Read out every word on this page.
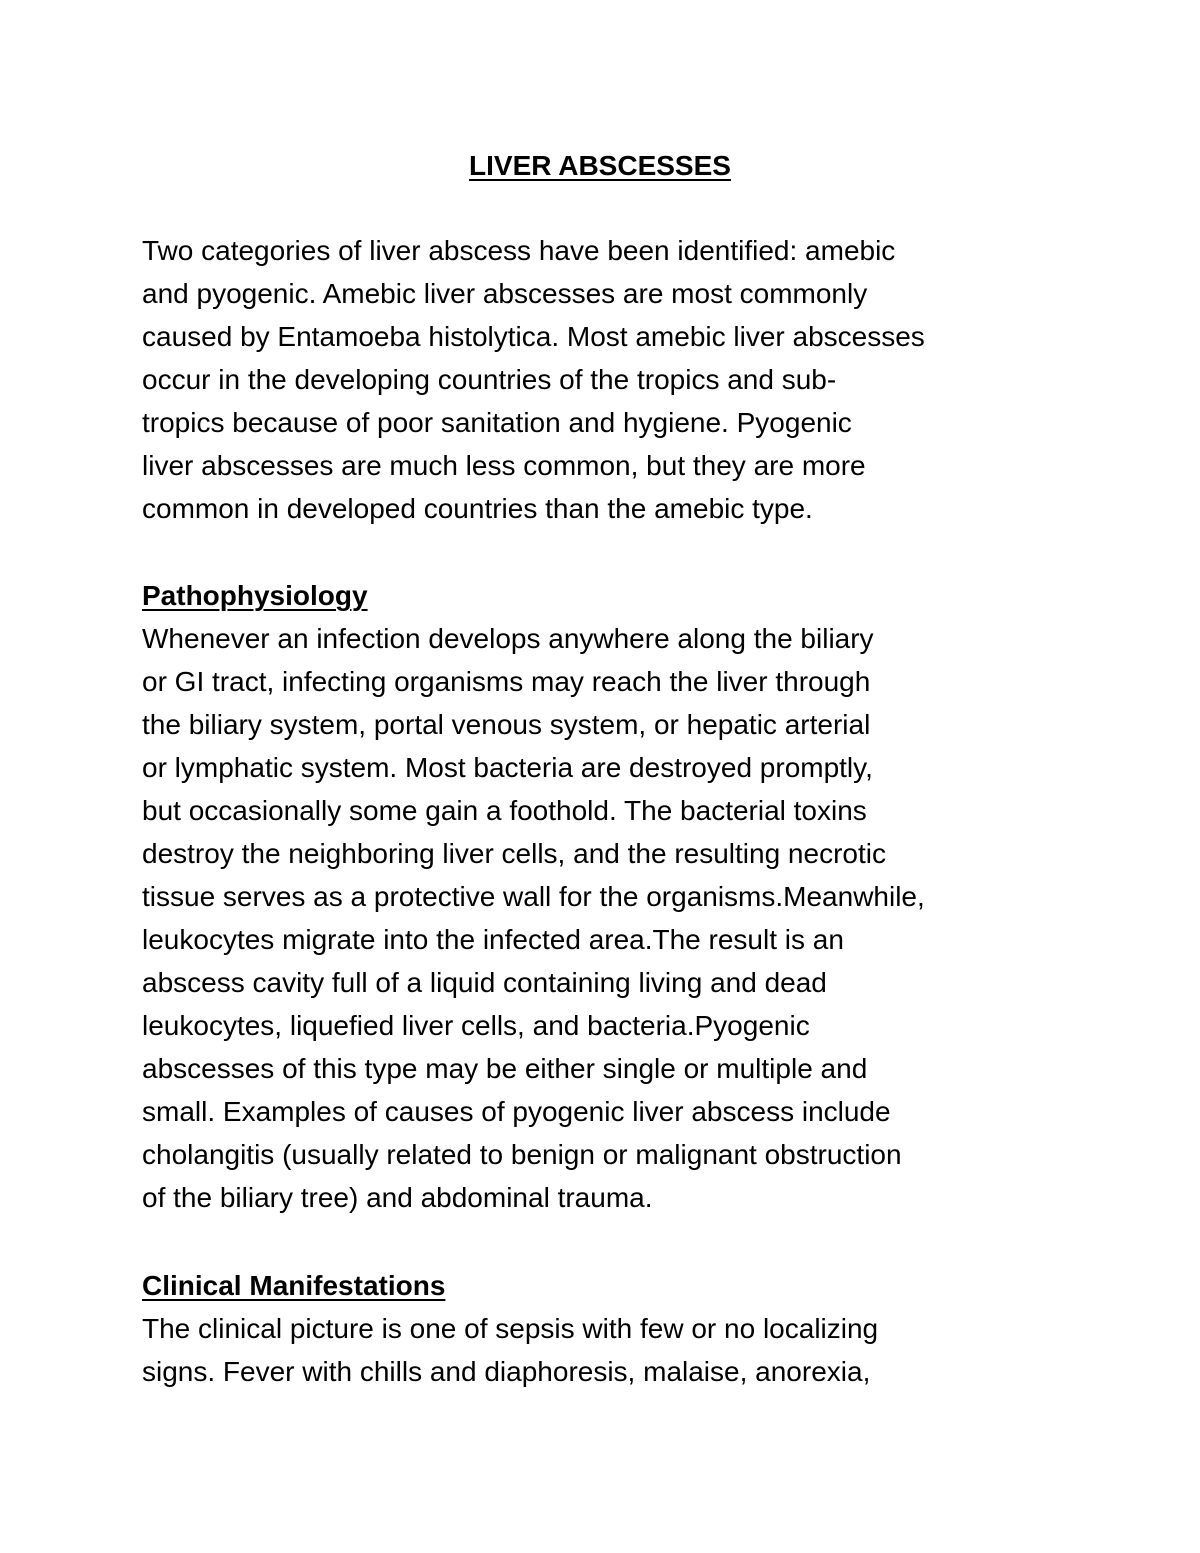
LIVER ABSCESSES
Two categories of liver abscess have been identified: amebic
and pyogenic. Amebic liver abscesses are most commonly
caused by Entamoeba histolytica. Most amebic liver abscesses
occur in the developing countries of the tropics and sub-
tropics because of poor sanitation and hygiene. Pyogenic
liver abscesses are much less common, but they are more
common in developed countries than the amebic type.
Pathophysiology
Whenever an infection develops anywhere along the biliary
or GI tract, infecting organisms may reach the liver through
the biliary system, portal venous system, or hepatic arterial
or lymphatic system. Most bacteria are destroyed promptly,
but occasionally some gain a foothold. The bacterial toxins
destroy the neighboring liver cells, and the resulting necrotic
tissue serves as a protective wall for the organisms.Meanwhile,
leukocytes migrate into the infected area.The result is an
abscess cavity full of a liquid containing living and dead
leukocytes, liquefied liver cells, and bacteria.Pyogenic
abscesses of this type may be either single or multiple and
small. Examples of causes of pyogenic liver abscess include
cholangitis (usually related to benign or malignant obstruction
of the biliary tree) and abdominal trauma.
Clinical Manifestations
The clinical picture is one of sepsis with few or no localizing
signs. Fever with chills and diaphoresis, malaise, anorexia,
